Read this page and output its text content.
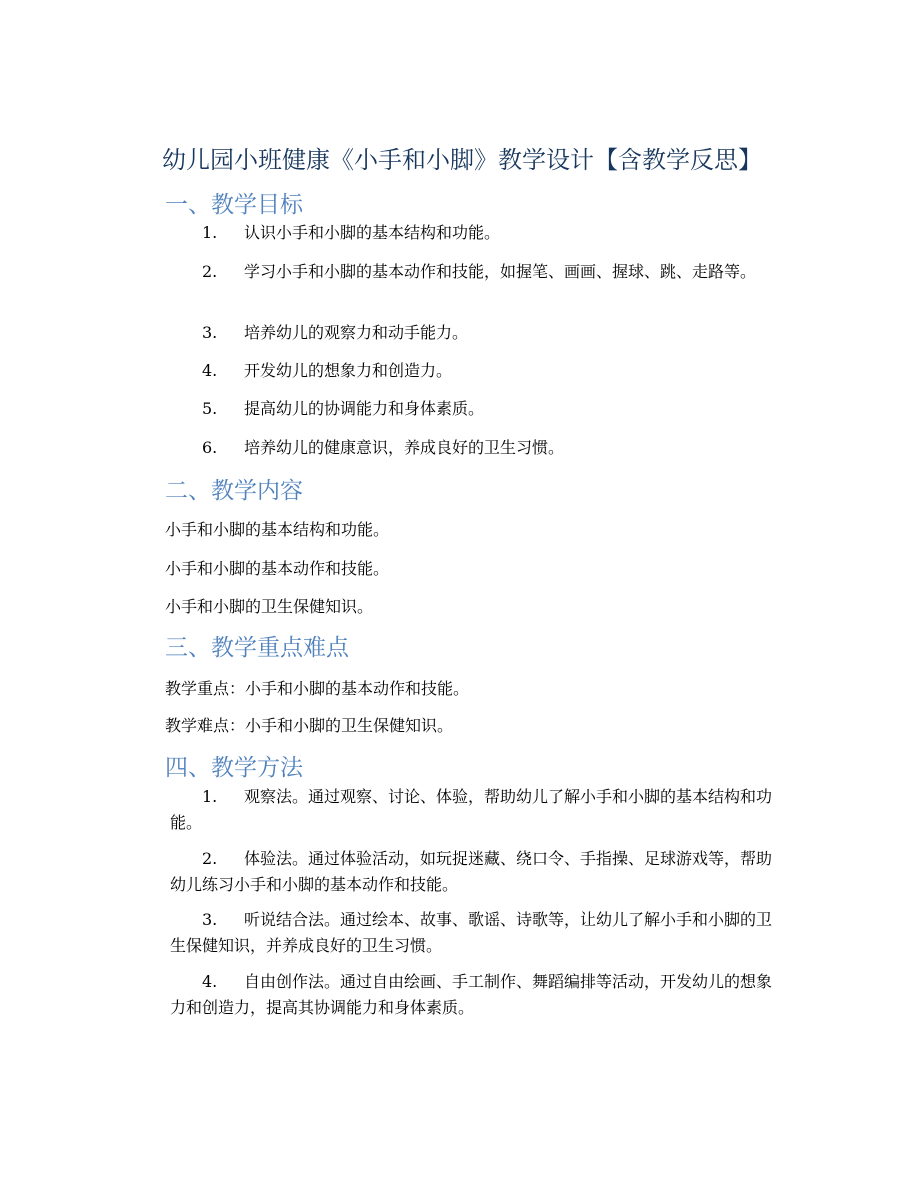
幼儿园小班健康《小手和小脚》教学设计【含教学反思】
一、教学目标
1.	认识小手和小脚的基本结构和功能。
2.	学习小手和小脚的基本动作和技能，如握笔、画画、握球、跳、走路等。
3.	培养幼儿的观察力和动手能力。
4.	开发幼儿的想象力和创造力。
5.	提高幼儿的协调能力和身体素质。
6.	培养幼儿的健康意识，养成良好的卫生习惯。
二、教学内容
小手和小脚的基本结构和功能。
小手和小脚的基本动作和技能。
小手和小脚的卫生保健知识。
三、教学重点难点
教学重点：小手和小脚的基本动作和技能。
教学难点：小手和小脚的卫生保健知识。
四、教学方法
1.	观察法。通过观察、讨论、体验，帮助幼儿了解小手和小脚的基本结构和功能。
2.	体验法。通过体验活动，如玩捉迷藏、绕口令、手指操、足球游戏等，帮助幼儿练习小手和小脚的基本动作和技能。
3.	听说结合法。通过绘本、故事、歌谣、诗歌等，让幼儿了解小手和小脚的卫生保健知识，并养成良好的卫生习惯。
4.	自由创作法。通过自由绘画、手工制作、舞蹈编排等活动，开发幼儿的想象力和创造力，提高其协调能力和身体素质。
